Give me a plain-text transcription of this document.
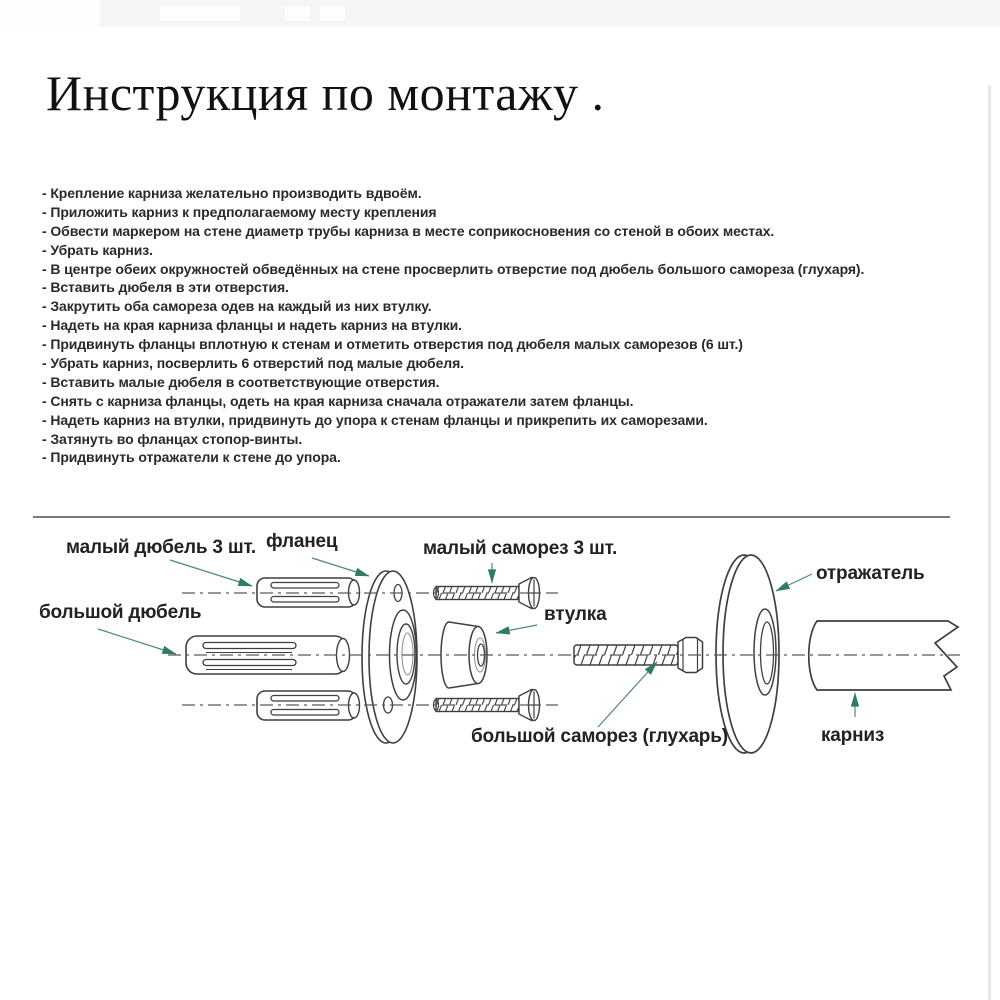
Инструкция по монтажу .
- Крепление карниза желательно производить вдвоём.
- Приложить карниз к предполагаемому месту крепления
- Обвести маркером на стене диаметр трубы карниза в месте соприкосновения со стеной в обоих местах.
- Убрать карниз.
- В центре обеих окружностей обведённых на стене просверлить отверстие под дюбель большого самореза (глухаря).
- Вставить дюбеля в эти отверстия.
- Закрутить оба самореза одев на каждый из них втулку.
- Надеть на края карниза фланцы и надеть карниз на втулки.
- Придвинуть фланцы вплотную к стенам и отметить отверстия под дюбеля малых саморезов (6 шт.)
- Убрать карниз, посверлить 6 отверстий под малые дюбеля.
- Вставить малые дюбеля в соответствующие отверстия.
- Снять с карниза фланцы, одеть на края карниза сначала отражатели затем фланцы.
- Надеть карниз на втулки, придвинуть до упора к стенам фланцы и прикрепить их саморезами.
- Затянуть во фланцах стопор-винты.
- Придвинуть отражатели к стене до упора.
малый дюбель 3 шт. фланец	малый саморез 3 шт.
большой дюбель	втулка
отражатель
большой саморез (глухарь)	карниз
